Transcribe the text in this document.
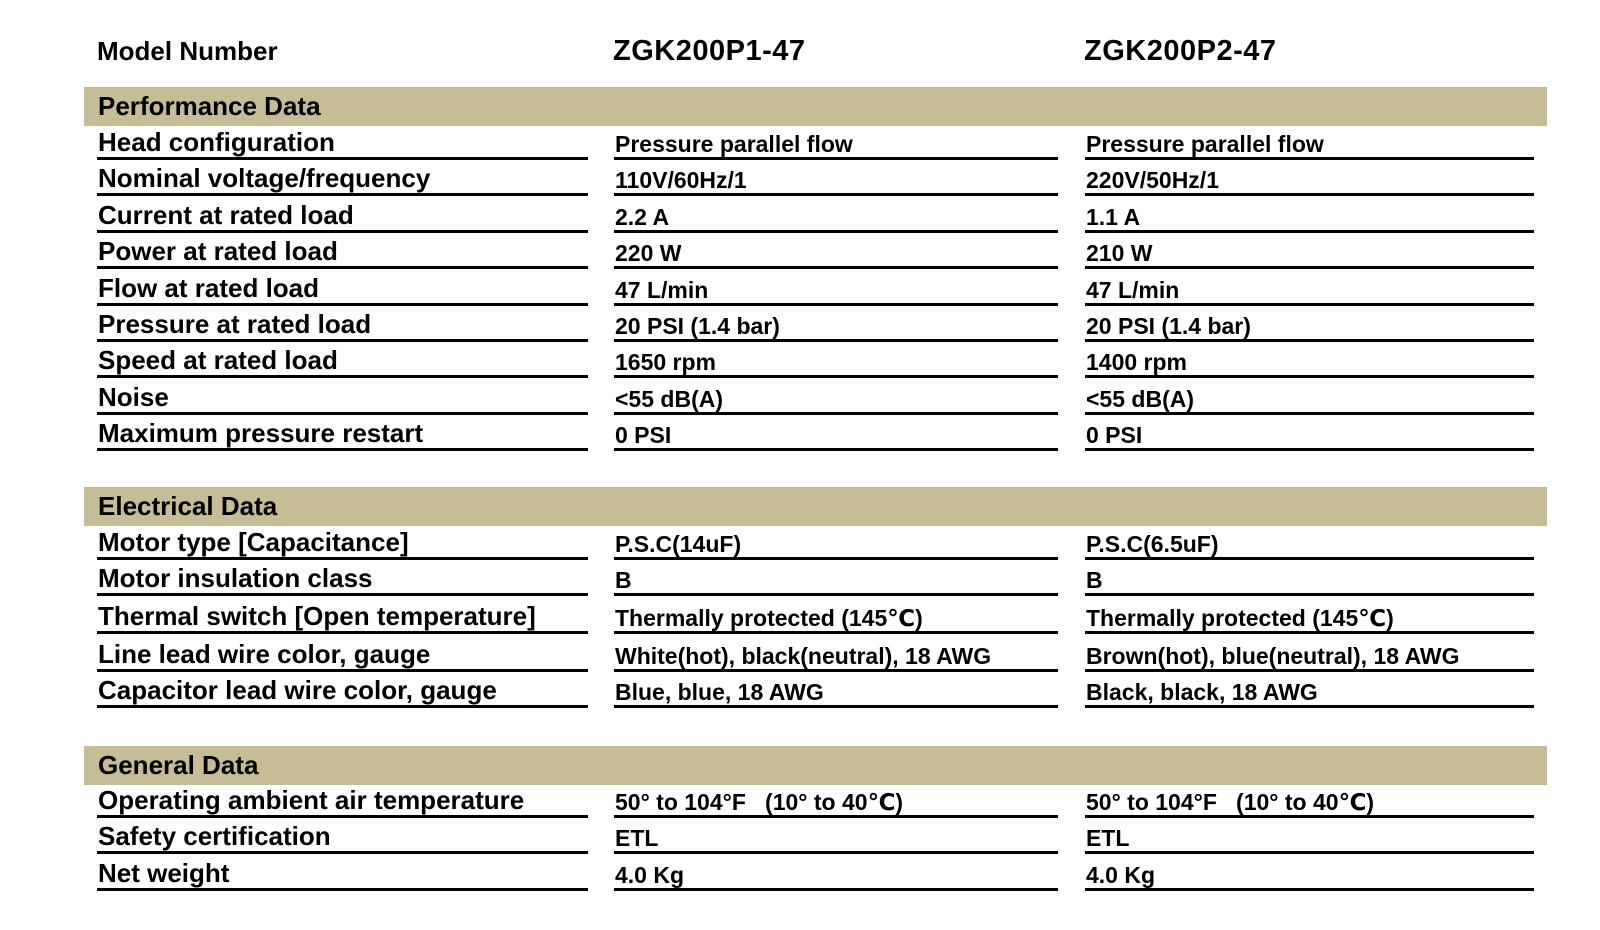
Model Number	ZGK200P1-47	ZGK200P2-47
Performance Data
Head configuration	Pressure parallel flow	Pressure parallel flow
Nominal voltage/frequency	110V/60Hz/1	220V/50Hz/1
Current at rated load	2.2 A	1.1 A
Power at rated load	220 W	210 W
Flow at rated load	47 L/min	47 L/min
Pressure at rated load	20 PSI (1.4 bar)	20 PSI (1.4 bar)
Speed at rated load	1650 rpm	1400 rpm
Noise	<55 dB(A)	<55 dB(A)
Maximum pressure restart	0 PSI	0 PSI
Electrical Data
Motor type [Capacitance]	P.S.C(14uF)	P.S.C(6.5uF)
Motor insulation class	B	B
Thermal switch [Open temperature]	Thermally protected (145℃)	Thermally protected (145℃)
Line lead wire color, gauge	White(hot), black(neutral), 18 AWG	Brown(hot), blue(neutral), 18 AWG
Capacitor lead wire color, gauge	Blue, blue, 18 AWG	Black, black, 18 AWG
General Data
Operating ambient air temperature	50° to 104°F   (10° to 40℃)	50° to 104°F   (10° to 40℃)
Safety certification	ETL	ETL
Net weight	4.0 Kg	4.0 Kg
